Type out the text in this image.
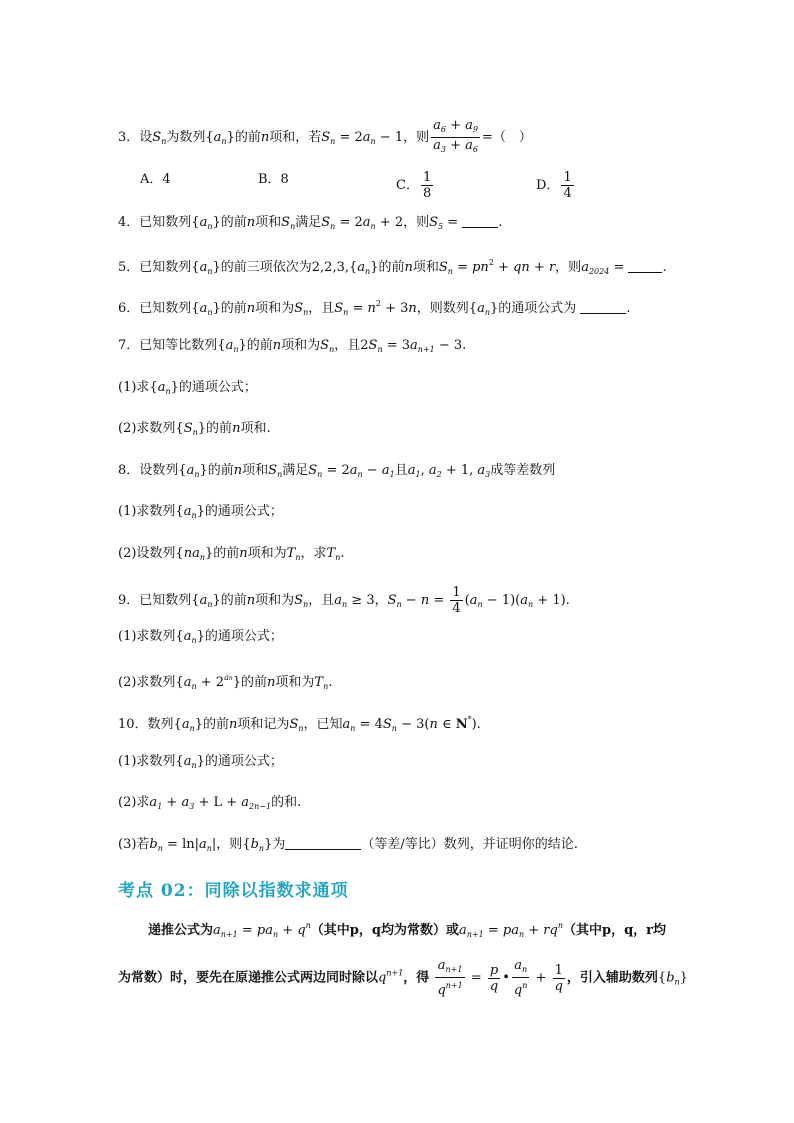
3．设$S_n$为数列$\{a_n\}$的前n项和，若$S_n = 2a_n - 1$，则 $\frac{a_6 + a_9}{a_3 + a_6}$ =（　）
A．4	B．8	C． $\frac{1}{8}$	D． $\frac{1}{4}$
4．已知数列$\{a_n\}$的前n项和$S_n$满足$S_n = 2a_n + 2$，则$S_5$ =	.
5．已知数列$\{a_n\}$的前三项依次为$2,2,3,\{a_n\}$的前n项和$S_n = pn^2$ + qn + r，则$a_{2024}$ =	.
6．已知数列$\{a_n\}$的前n项和为$S_n$，且$S_n = n^2 + 3n$，则数列$\{a_n\}$的通项公式为	.
7．已知等比数列$\{a_n\}$的前n项和为$S_n$，且$2S_n = 3a_{n+1} - 3$.
(1)求$\{a_n\}$的通项公式；
(2)求数列$\{S_n\}$的前n项和.
8．设数列$\{a_n\}$的前n项和$S_n$满足$S_n = 2a_n - a_1$且$a_1$, $a_2 + 1$, $a_3$成等差数列
(1)求数列$\{a_n\}$的通项公式；
(2)设数列$\{na_n\}$的前n项和为$T_n$，求$T_n$.
9．已知数列$\{a_n\}$的前n项和为$S_n$，且$a_n \ge 3$，$S_n - n = \frac{1}{4} (a_n - 1)(a_n + 1)$.
(1)求数列$\{a_n\}$的通项公式；
(2)求数列$\{a_n + 2^{an}\}$的前n项和为$T_n$.
10．数列$\{a_n\}$的前n项和记为$S_n$，已知$a_n = 4S_n - 3(n$ ∈ N*).
(1)求数列$\{a_n\}$的通项公式；
(2)求$a_1 + a_3 + L + a_{2n-1}$的和.
(3)若$b_n = \ln|a_n|$，则$\{b_n\}$为	（等差/等比）数列，并证明你的结论.
考点 02：同除以指数求通项
递推公式为$a_{n+1} = pa_n + q^n$（其中p，q均为常数）或$a_{n+1} = pa_n + rq^n$（其中p，q，r均
为常数）时，要先在原递推公式两边同时除以$q^{n+1}$，得 $\frac{a_{n+1}}{q^{n+1}} = \frac{p}{q}$ • $\frac{a_n}{q^n} + \frac{1}{q}$ ，引入辅助数列$\{b_n\}$
